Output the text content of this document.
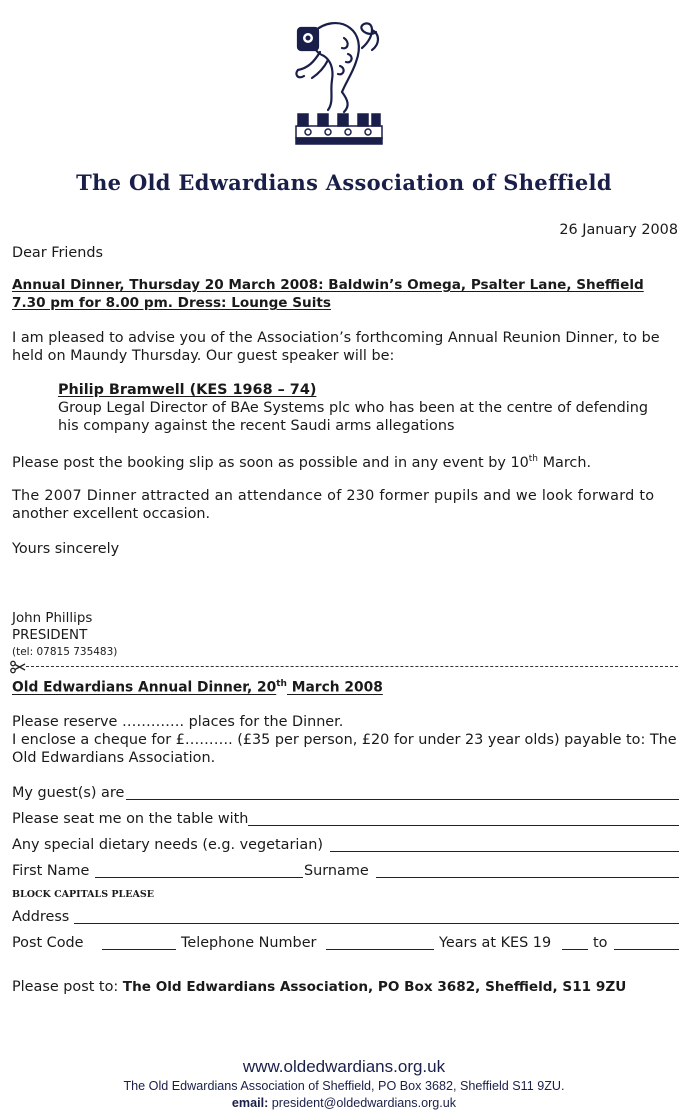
The Old Edwardians Association of Sheffield
26 January 2008
Dear Friends
Annual Dinner, Thursday 20 March 2008: Baldwin’s Omega, Psalter Lane, Sheffield
7.30 pm for 8.00 pm. Dress: Lounge Suits
I am pleased to advise you of the Association’s forthcoming Annual Reunion Dinner, to be
held on Maundy Thursday. Our guest speaker will be:
Philip Bramwell (KES 1968 – 74)
Group Legal Director of BAe Systems plc who has been at the centre of defending
his company against the recent Saudi arms allegations
Please post the booking slip as soon as possible and in any event by 10th March.
The 2007 Dinner attracted an attendance of 230 former pupils and we look forward to
another excellent occasion.
Yours sincerely
John Phillips
PRESIDENT
(tel: 07815 735483)
Old Edwardians Annual Dinner, 20th March 2008
Please reserve …………. places for the Dinner.
I enclose a cheque for £………. (£35 per person, £20 for under 23 year olds) payable to: The
Old Edwardians Association.
My guest(s) are
Please seat me on the table with
Any special dietary needs (e.g. vegetarian)
First Name	Surname
BLOCK CAPITALS PLEASE
Address
Post Code	Telephone Number	Years at KES 19	to
Please post to: The Old Edwardians Association, PO Box 3682, Sheffield, S11 9ZU
www.oldedwardians.org.uk
The Old Edwardians Association of Sheffield, PO Box 3682, Sheffield S11 9ZU.
email: president@oldedwardians.org.uk
